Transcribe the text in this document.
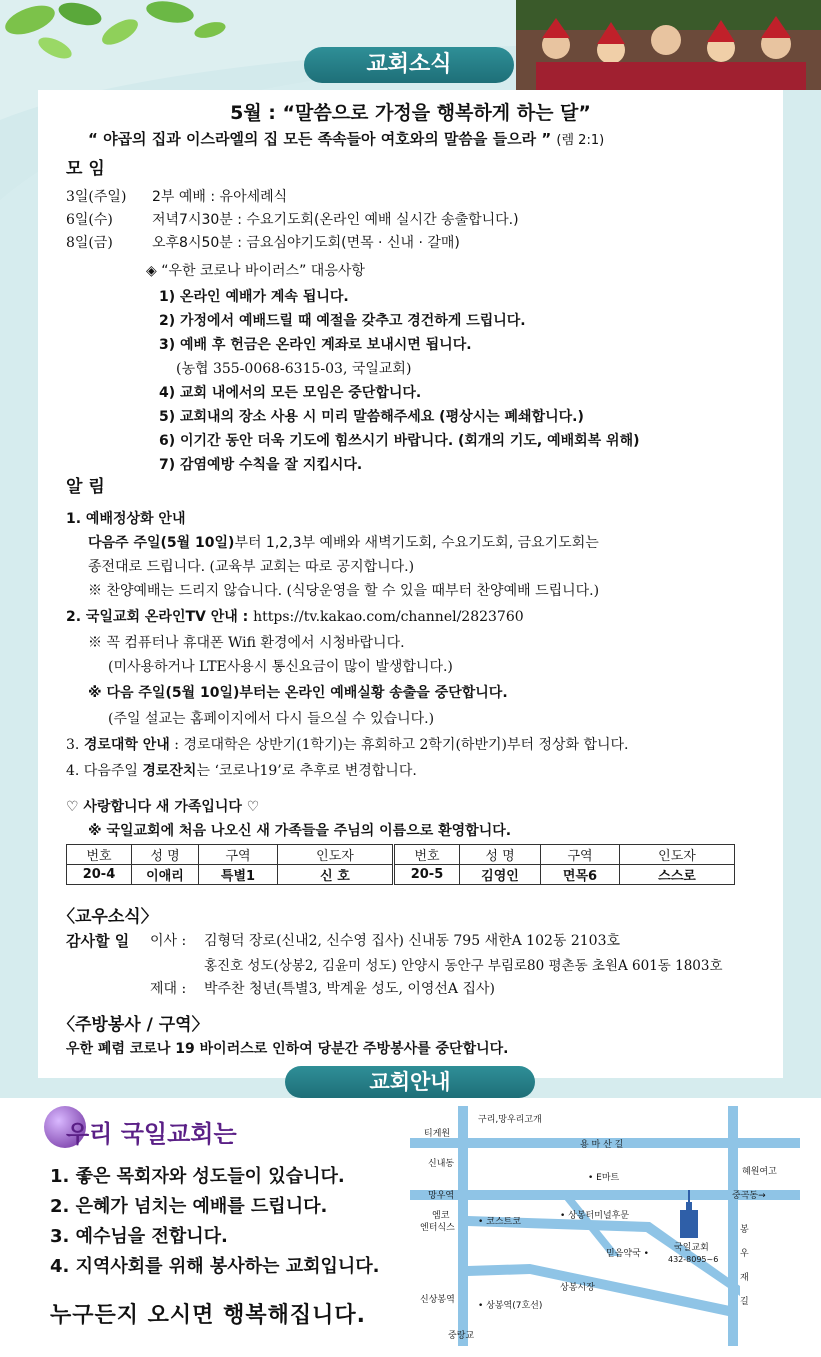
교회소식
5월 : “말씀으로 가정을 행복하게 하는 달”
“ 야곱의 집과 이스라엘의 집 모든 족속들아 여호와의 말씀을 들으라 ” (렘 2:1)
모 임
3일(주일) 2부 예배 : 유아세례식
6일(수)	저녁7시30분 : 수요기도회(온라인 예배 실시간 송출합니다.)
8일(금)	오후8시50분 : 금요심야기도회(면목 · 신내 · 갈매)
◈ “우한 코로나 바이러스” 대응사항
1) 온라인 예배가 계속 됩니다.
2) 가정에서 예배드릴 때 예절을 갖추고 경건하게 드립니다.
3) 예배 후 헌금은 온라인 계좌로 보내시면 됩니다.
(농협 355-0068-6315-03, 국일교회)
4) 교회 내에서의 모든 모임은 중단합니다.
5) 교회내의 장소 사용 시 미리 말씀해주세요 (평상시는 폐쇄합니다.)
6) 이기간 동안 더욱 기도에 힘쓰시기 바랍니다. (회개의 기도, 예배회복 위해)
7) 감염예방 수칙을 잘 지킵시다.
알 림
1. 예배정상화 안내
다음주 주일(5월 10일)부터 1,2,3부 예배와 새벽기도회, 수요기도회, 금요기도회는
종전대로 드립니다. (교육부 교회는 따로 공지합니다.)
※ 찬양예배는 드리지 않습니다. (식당운영을 할 수 있을 때부터 찬양예배 드립니다.)
2. 국일교회 온라인TV 안내 : https://tv.kakao.com/channel/2823760
※ 꼭 컴퓨터나 휴대폰 Wifi 환경에서 시청바랍니다.
(미사용하거나 LTE사용시 통신요금이 많이 발생합니다.)
※ 다음 주일(5월 10일)부터는 온라인 예배실황 송출을 중단합니다.
(주일 설교는 홈페이지에서 다시 들으실 수 있습니다.)
3. 경로대학 안내 : 경로대학은 상반기(1학기)는 휴회하고 2학기(하반기)부터 정상화 합니다.
4. 다음주일 경로잔치는 ‘코로나19’로 추후로 변경합니다.
♡ 사랑합니다 새 가족입니다 ♡
※ 국일교회에 처음 나오신 새 가족들을 주님의 이름으로 환영합니다.
번호	성 명	구역	인도자	번호	성 명	구역	인도자
20-4	이애리	특별1	신 호	20-5	김영인	면목6	스스로
〈교우소식〉
감사할 일 이사 : 김형덕 장로(신내2, 신수영 집사) 신내동 795 새한A 102동 2103호
홍진호 성도(상봉2, 김윤미 성도) 안양시 동안구 부림로80 평촌동 초원A 601동 1803호
제대 : 박주찬 청년(특별3, 박계윤 성도, 이영선A 집사)
〈주방봉사 / 구역〉
우한 폐렴 코로나 19 바이러스로 인하여 당분간 주방봉사를 중단합니다.
교회안내
우리 국일교회는
1. 좋은 목회자와 성도들이 있습니다.
2. 은혜가 넘치는 예배를 드립니다.
3. 예수님을 전합니다.
4. 지역사회를 위해 봉사하는 교회입니다.
누구든지 오시면 행복해집니다.
구리,망우리고개
티게원
용 마 산 길
신내동
• E마트
혜원여고
망우역	중곡동→
엠코
엔터식스
• 코스트코
• 상봉터미널후문
믿음약국 •
국일교회
432-8095~6
봉
우
재
길
상봉시장
신상봉역
• 상봉역(7호선)
중랑교
